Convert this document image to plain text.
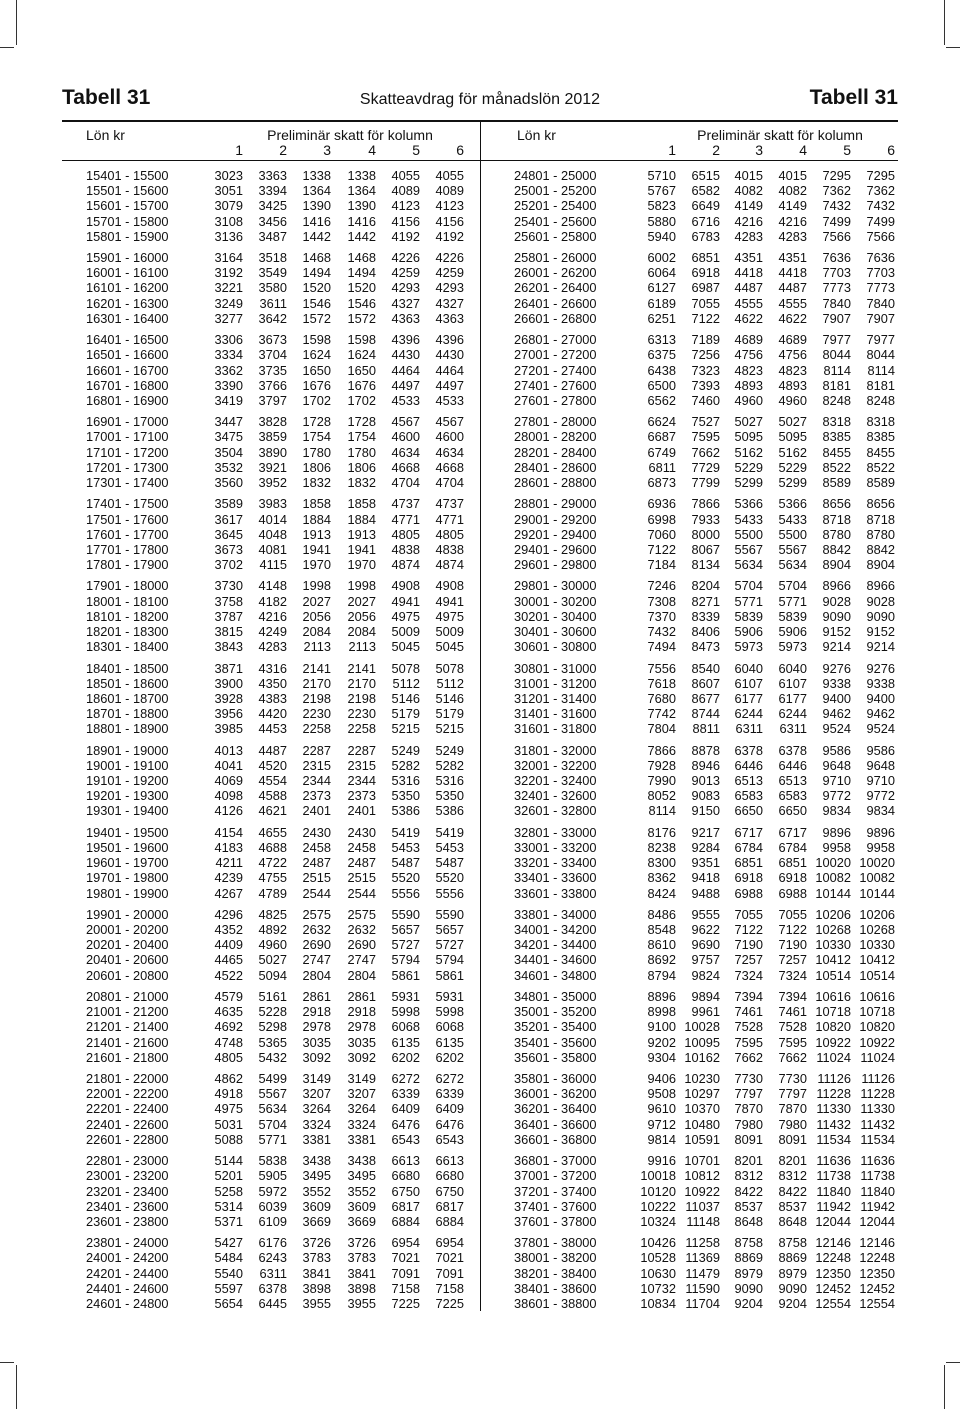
Tabell 31	Skatteavdrag för månadslön 2012	Tabell 31
Lön kr	Preliminär skatt för kolumn
1	2	3	4	5	6
15401 - 15500	3023	3363	1338	1338	4055	4055
15501 - 15600	3051	3394	1364	1364	4089	4089
15601 - 15700	3079	3425	1390	1390	4123	4123
15701 - 15800	3108	3456	1416	1416	4156	4156
15801 - 15900	3136	3487	1442	1442	4192	4192
15901 - 16000	3164	3518	1468	1468	4226	4226
16001 - 16100	3192	3549	1494	1494	4259	4259
16101 - 16200	3221	3580	1520	1520	4293	4293
16201 - 16300	3249	3611	1546	1546	4327	4327
16301 - 16400	3277	3642	1572	1572	4363	4363
16401 - 16500	3306	3673	1598	1598	4396	4396
16501 - 16600	3334	3704	1624	1624	4430	4430
16601 - 16700	3362	3735	1650	1650	4464	4464
16701 - 16800	3390	3766	1676	1676	4497	4497
16801 - 16900	3419	3797	1702	1702	4533	4533
16901 - 17000	3447	3828	1728	1728	4567	4567
17001 - 17100	3475	3859	1754	1754	4600	4600
17101 - 17200	3504	3890	1780	1780	4634	4634
17201 - 17300	3532	3921	1806	1806	4668	4668
17301 - 17400	3560	3952	1832	1832	4704	4704
17401 - 17500	3589	3983	1858	1858	4737	4737
17501 - 17600	3617	4014	1884	1884	4771	4771
17601 - 17700	3645	4048	1913	1913	4805	4805
17701 - 17800	3673	4081	1941	1941	4838	4838
17801 - 17900	3702	4115	1970	1970	4874	4874
17901 - 18000	3730	4148	1998	1998	4908	4908
18001 - 18100	3758	4182	2027	2027	4941	4941
18101 - 18200	3787	4216	2056	2056	4975	4975
18201 - 18300	3815	4249	2084	2084	5009	5009
18301 - 18400	3843	4283	2113	2113	5045	5045
18401 - 18500	3871	4316	2141	2141	5078	5078
18501 - 18600	3900	4350	2170	2170	5112	5112
18601 - 18700	3928	4383	2198	2198	5146	5146
18701 - 18800	3956	4420	2230	2230	5179	5179
18801 - 18900	3985	4453	2258	2258	5215	5215
18901 - 19000	4013	4487	2287	2287	5249	5249
19001 - 19100	4041	4520	2315	2315	5282	5282
19101 - 19200	4069	4554	2344	2344	5316	5316
19201 - 19300	4098	4588	2373	2373	5350	5350
19301 - 19400	4126	4621	2401	2401	5386	5386
19401 - 19500	4154	4655	2430	2430	5419	5419
19501 - 19600	4183	4688	2458	2458	5453	5453
19601 - 19700	4211	4722	2487	2487	5487	5487
19701 - 19800	4239	4755	2515	2515	5520	5520
19801 - 19900	4267	4789	2544	2544	5556	5556
19901 - 20000	4296	4825	2575	2575	5590	5590
20001 - 20200	4352	4892	2632	2632	5657	5657
20201 - 20400	4409	4960	2690	2690	5727	5727
20401 - 20600	4465	5027	2747	2747	5794	5794
20601 - 20800	4522	5094	2804	2804	5861	5861
20801 - 21000	4579	5161	2861	2861	5931	5931
21001 - 21200	4635	5228	2918	2918	5998	5998
21201 - 21400	4692	5298	2978	2978	6068	6068
21401 - 21600	4748	5365	3035	3035	6135	6135
21601 - 21800	4805	5432	3092	3092	6202	6202
21801 - 22000	4862	5499	3149	3149	6272	6272
22001 - 22200	4918	5567	3207	3207	6339	6339
22201 - 22400	4975	5634	3264	3264	6409	6409
22401 - 22600	5031	5704	3324	3324	6476	6476
22601 - 22800	5088	5771	3381	3381	6543	6543
22801 - 23000	5144	5838	3438	3438	6613	6613
23001 - 23200	5201	5905	3495	3495	6680	6680
23201 - 23400	5258	5972	3552	3552	6750	6750
23401 - 23600	5314	6039	3609	3609	6817	6817
23601 - 23800	5371	6109	3669	3669	6884	6884
23801 - 24000	5427	6176	3726	3726	6954	6954
24001 - 24200	5484	6243	3783	3783	7021	7021
24201 - 24400	5540	6311	3841	3841	7091	7091
24401 - 24600	5597	6378	3898	3898	7158	7158
24601 - 24800	5654	6445	3955	3955	7225	7225
Lön kr	Preliminär skatt för kolumn
1	2	3	4	5	6
24801 - 25000	5710	6515	4015	4015	7295	7295
25001 - 25200	5767	6582	4082	4082	7362	7362
25201 - 25400	5823	6649	4149	4149	7432	7432
25401 - 25600	5880	6716	4216	4216	7499	7499
25601 - 25800	5940	6783	4283	4283	7566	7566
25801 - 26000	6002	6851	4351	4351	7636	7636
26001 - 26200	6064	6918	4418	4418	7703	7703
26201 - 26400	6127	6987	4487	4487	7773	7773
26401 - 26600	6189	7055	4555	4555	7840	7840
26601 - 26800	6251	7122	4622	4622	7907	7907
26801 - 27000	6313	7189	4689	4689	7977	7977
27001 - 27200	6375	7256	4756	4756	8044	8044
27201 - 27400	6438	7323	4823	4823	8114	8114
27401 - 27600	6500	7393	4893	4893	8181	8181
27601 - 27800	6562	7460	4960	4960	8248	8248
27801 - 28000	6624	7527	5027	5027	8318	8318
28001 - 28200	6687	7595	5095	5095	8385	8385
28201 - 28400	6749	7662	5162	5162	8455	8455
28401 - 28600	6811	7729	5229	5229	8522	8522
28601 - 28800	6873	7799	5299	5299	8589	8589
28801 - 29000	6936	7866	5366	5366	8656	8656
29001 - 29200	6998	7933	5433	5433	8718	8718
29201 - 29400	7060	8000	5500	5500	8780	8780
29401 - 29600	7122	8067	5567	5567	8842	8842
29601 - 29800	7184	8134	5634	5634	8904	8904
29801 - 30000	7246	8204	5704	5704	8966	8966
30001 - 30200	7308	8271	5771	5771	9028	9028
30201 - 30400	7370	8339	5839	5839	9090	9090
30401 - 30600	7432	8406	5906	5906	9152	9152
30601 - 30800	7494	8473	5973	5973	9214	9214
30801 - 31000	7556	8540	6040	6040	9276	9276
31001 - 31200	7618	8607	6107	6107	9338	9338
31201 - 31400	7680	8677	6177	6177	9400	9400
31401 - 31600	7742	8744	6244	6244	9462	9462
31601 - 31800	7804	8811	6311	6311	9524	9524
31801 - 32000	7866	8878	6378	6378	9586	9586
32001 - 32200	7928	8946	6446	6446	9648	9648
32201 - 32400	7990	9013	6513	6513	9710	9710
32401 - 32600	8052	9083	6583	6583	9772	9772
32601 - 32800	8114	9150	6650	6650	9834	9834
32801 - 33000	8176	9217	6717	6717	9896	9896
33001 - 33200	8238	9284	6784	6784	9958	9958
33201 - 33400	8300	9351	6851	6851 10020 10020
33401 - 33600	8362	9418	6918	6918 10082 10082
33601 - 33800	8424	9488	6988	6988 10144 10144
33801 - 34000	8486	9555	7055	7055 10206 10206
34001 - 34200	8548	9622	7122	7122 10268 10268
34201 - 34400	8610	9690	7190	7190 10330 10330
34401 - 34600	8692	9757	7257	7257 10412 10412
34601 - 34800	8794	9824	7324	7324 10514 10514
34801 - 35000	8896	9894	7394	7394 10616 10616
35001 - 35200	8998	9961	7461	7461 10718 10718
35201 - 35400	9100 10028	7528	7528 10820 10820
35401 - 35600	9202 10095	7595	7595 10922 10922
35601 - 35800	9304 10162	7662	7662 11024 11024
35801 - 36000	9406 10230	7730	7730 11126 11126
36001 - 36200	9508 10297	7797	7797 11228 11228
36201 - 36400	9610 10370	7870	7870 11330 11330
36401 - 36600	9712 10480	7980	7980 11432 11432
36601 - 36800	9814 10591	8091	8091 11534 11534
36801 - 37000	9916 10701	8201	8201 11636 11636
37001 - 37200	10018 10812	8312	8312 11738 11738
37201 - 37400	10120 10922	8422	8422 11840 11840
37401 - 37600	10222 11037	8537	8537 11942 11942
37601 - 37800	10324 11148	8648	8648 12044 12044
37801 - 38000	10426 11258	8758	8758 12146 12146
38001 - 38200	10528 11369	8869	8869 12248 12248
38201 - 38400	10630 11479	8979	8979 12350 12350
38401 - 38600	10732 11590	9090	9090 12452 12452
38601 - 38800	10834 11704	9204	9204 12554 12554
